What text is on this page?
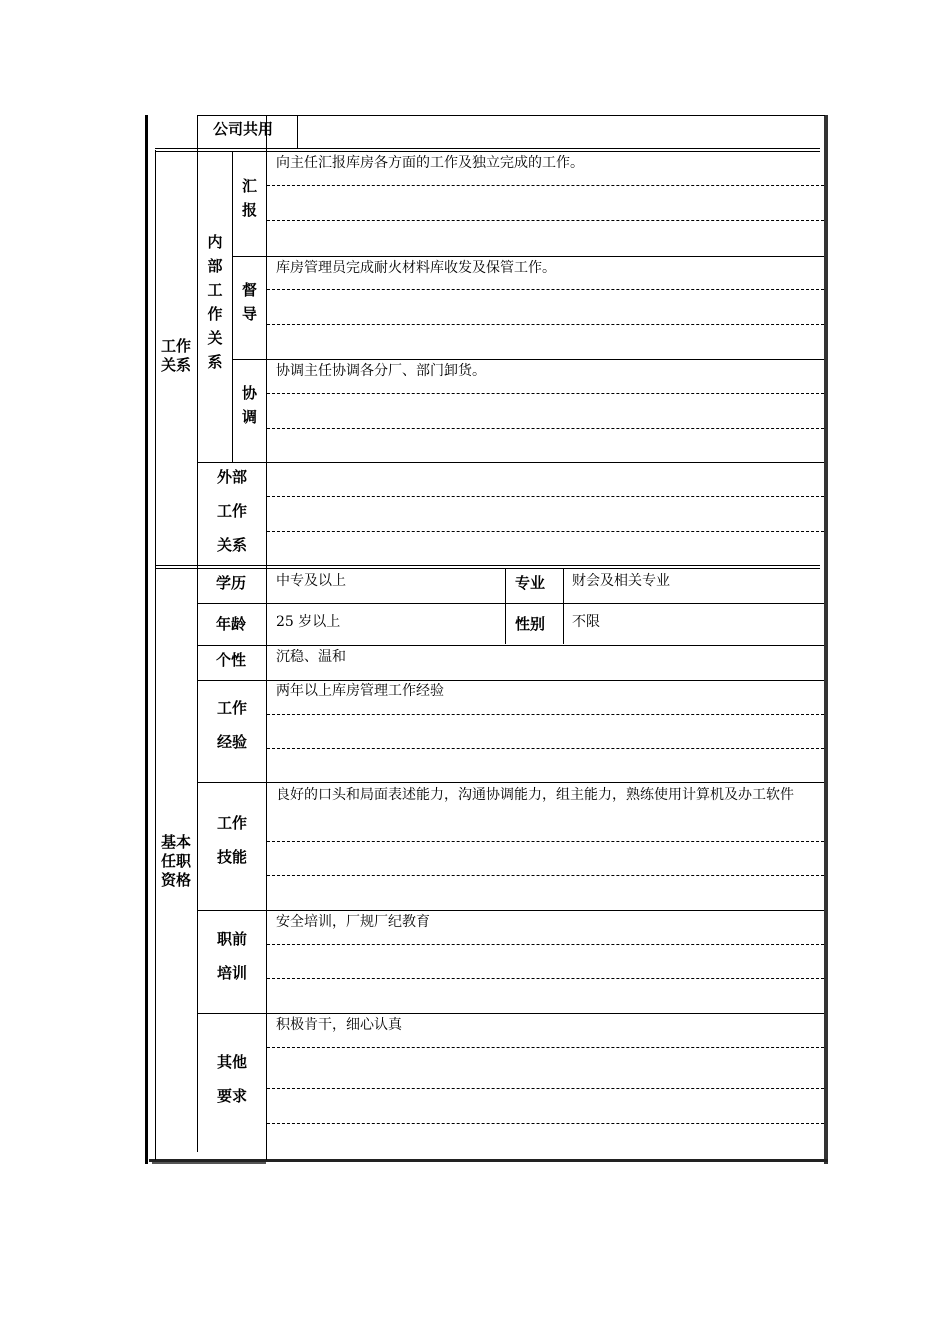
公司共用
工作关系
内部工作关系
汇报
向主任汇报库房各方面的工作及独立完成的工作。
督导
库房管理员完成耐火材料库收发及保管工作。
协调
协调主任协调各分厂、部门卸货。
外部
工作
关系
基本任职资格
学历 中专及以上	专业 财会及相关专业
年龄 25 岁以上	性别 不限
个性 沉稳、温和
工作
经验
两年以上库房管理工作经验
工作
技能
良好的口头和局面表述能力，沟通协调能力，组主能力，熟练使用计算机及办工软件
职前
培训
安全培训，厂规厂纪教育
其他
要求
积极肯干，细心认真
